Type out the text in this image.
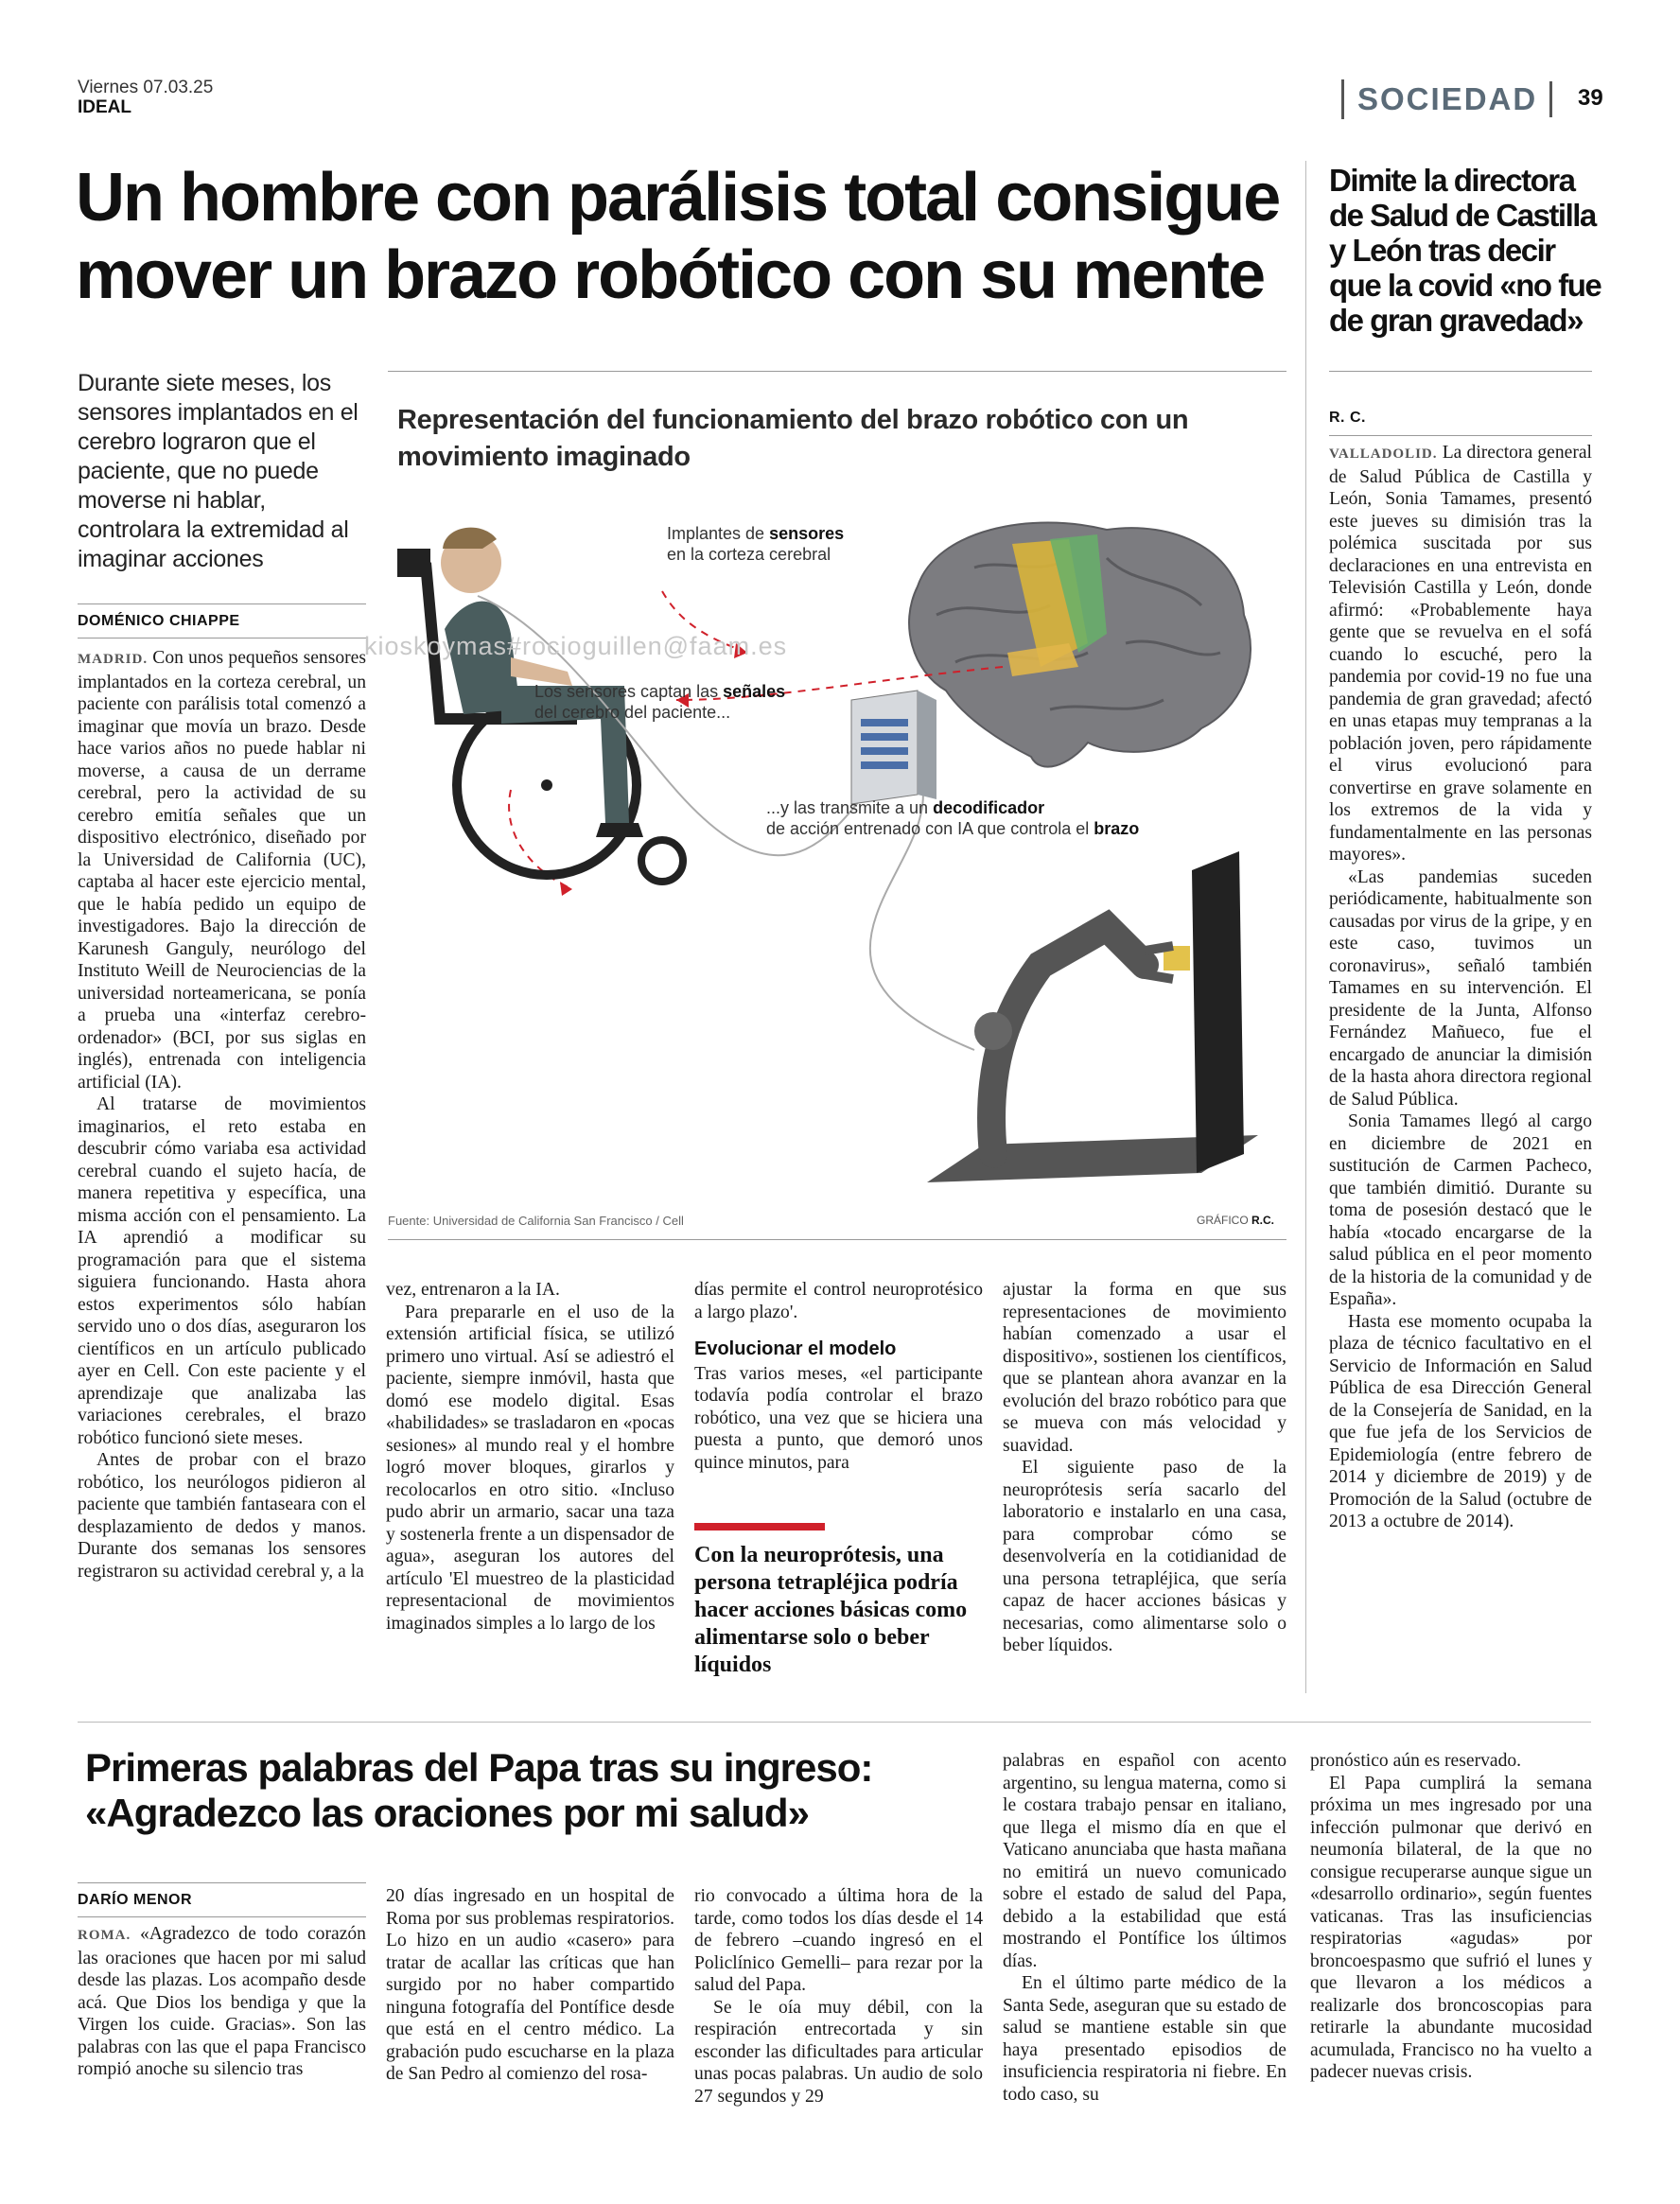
Viernes 07.03.25
IDEAL	SOCIEDAD 39
Un hombre con parálisis total consigue mover un brazo robótico con su mente
Durante siete meses, los sensores implantados en el cerebro lograron que el paciente, que no puede moverse ni hablar, controlara la extremidad al imaginar acciones
DOMÉNICO CHIAPPE

MADRID. Con unos pequeños sensores implantados en la corteza cerebral, un paciente con parálisis total comenzó a imaginar que movía un brazo. Desde hace varios años no puede hablar ni moverse, a causa de un derrame cerebral, pero la actividad de su cerebro emitía señales que un dispositivo electrónico, diseñado por la Universidad de California (UC), captaba al hacer este ejercicio mental, que le había pedido un equipo de investigadores. Bajo la dirección de Karunesh Ganguly, neurólogo del Instituto Weill de Neurociencias de la universidad norteamericana, se ponía a prueba una «interfaz cerebro-ordenador» (BCI, por sus siglas en inglés), entrenada con inteligencia artificial (IA).

Al tratarse de movimientos imaginarios, el reto estaba en descubrir cómo variaba esa actividad cerebral cuando el sujeto hacía, de manera repetitiva y específica, una misma acción con el pensamiento. La IA aprendió a modificar su programación para que el sistema siguiera funcionando. Hasta ahora estos experimentos sólo habían servido uno o dos días, aseguraron los científicos en un artículo publicado ayer en Cell. Con este paciente y el aprendizaje que analizaba las variaciones cerebrales, el brazo robótico funcionó siete meses.

Antes de probar con el brazo robótico, los neurólogos pidieron al paciente que también fantaseara con el desplazamiento de dedos y manos. Durante dos semanas los sensores registraron su actividad cerebral y, a la

Representación del funcionamiento del brazo robótico con un movimiento imaginado
kioskoymas#rocioguillen@faam.es
Implantes de sensores
en la corteza cerebral
Los sensores captan las señales
del cerebro del paciente...
...y las transmite a un decodificador
de acción entrenado con IA que controla el brazo
Fuente: Universidad de California San Francisco / Cell	GRÁFICO R.C.

vez, entrenaron a la IA.

Para prepararle en el uso de la extensión artificial física, se utilizó primero uno virtual. Así se adiestró el paciente, siempre inmóvil, hasta que domó ese modelo digital. Esas «habilidades» se trasladaron en «pocas sesiones» al mundo real y el hombre logró mover bloques, girarlos y recolocarlos en otro sitio. «Incluso pudo abrir un armario, sacar una taza y sostenerla frente a un dispensador de agua», aseguran los autores del artículo 'El muestreo de la plasticidad representacional de movimientos imaginados simples a lo largo de los

días permite el control neuroprotésico a largo plazo'.

Evolucionar el modelo

Tras varios meses, «el participante todavía podía controlar el brazo robótico, una vez que se hiciera una puesta a punto, que demoró unos quince minutos, para

Con la neuroprótesis, una persona tetrapléjica podría hacer acciones básicas como alimentarse solo o beber líquidos

ajustar la forma en que sus representaciones de movimiento habían comenzado a usar el dispositivo», sostienen los científicos, que se plantean ahora avanzar en la evolución del brazo robótico para que se mueva con más velocidad y suavidad.

El siguiente paso de la neuroprótesis sería sacarlo del laboratorio e instalarlo en una casa, para comprobar cómo se desenvolvería en la cotidianidad de una persona tetrapléjica, que sería capaz de hacer acciones básicas y necesarias, como alimentarse solo o beber líquidos.

Dimite la directora de Salud de Castilla y León tras decir que la covid «no fue de gran gravedad»
R. C.

VALLADOLID. La directora general de Salud Pública de Castilla y León, Sonia Tamames, presentó este jueves su dimisión tras la polémica suscitada por sus declaraciones en una entrevista en Televisión Castilla y León, donde afirmó: «Probablemente haya gente que se revuelva en el sofá cuando lo escuché, pero la pandemia por covid-19 no fue una pandemia de gran gravedad; afectó en unas etapas muy tempranas a la población joven, pero rápidamente el virus evolucionó para convertirse en grave solamente en los extremos de la vida y fundamentalmente en las personas mayores».

«Las pandemias suceden periódicamente, habitualmente son causadas por virus de la gripe, y en este caso, tuvimos un coronavirus», señaló también Tamames en su intervención. El presidente de la Junta, Alfonso Fernández Mañueco, fue el encargado de anunciar la dimisión de la hasta ahora directora regional de Salud Pública.

Sonia Tamames llegó al cargo en diciembre de 2021 en sustitución de Carmen Pacheco, que también dimitió. Durante su toma de posesión destacó que le había «tocado encargarse de la salud pública en el peor momento de la historia de la comunidad y de España».

Hasta ese momento ocupaba la plaza de técnico facultativo en el Servicio de Información en Salud Pública de esa Dirección General de la Consejería de Sanidad, en la que fue jefa de los Servicios de Epidemiología (entre febrero de 2014 y diciembre de 2019) y de Promoción de la Salud (octubre de 2013 a octubre de 2014).

Primeras palabras del Papa tras su ingreso: «Agradezco las oraciones por mi salud»
DARÍO MENOR

ROMA. «Agradezco de todo corazón las oraciones que hacen por mi salud desde las plazas. Los acompaño desde acá. Que Dios los bendiga y que la Virgen los cuide. Gracias». Son las palabras con las que el papa Francisco rompió anoche su silencio tras

20 días ingresado en un hospital de Roma por sus problemas respiratorios. Lo hizo en un audio «casero» para tratar de acallar las críticas que han surgido por no haber compartido ninguna fotografía del Pontífice desde que está en el centro médico. La grabación pudo escucharse en la plaza de San Pedro al comienzo del rosa-

rio convocado a última hora de la tarde, como todos los días desde el 14 de febrero –cuando ingresó en el Policlínico Gemelli– para rezar por la salud del Papa.

Se le oía muy débil, con la respiración entrecortada y sin esconder las dificultades para articular unas pocas palabras. Un audio de solo 27 segundos y 29

palabras en español con acento argentino, su lengua materna, como si le costara trabajo pensar en italiano, que llega el mismo día en que el Vaticano anunciaba que hasta mañana no emitirá un nuevo comunicado sobre el estado de salud del Papa, debido a la estabilidad que está mostrando el Pontífice los últimos días.

En el último parte médico de la Santa Sede, aseguran que su estado de salud se mantiene estable sin que haya presentado episodios de insuficiencia respiratoria ni fiebre. En todo caso, su

pronóstico aún es reservado.

El Papa cumplirá la semana próxima un mes ingresado por una infección pulmonar que derivó en neumonía bilateral, de la que no consigue recuperarse aunque sigue un «desarrollo ordinario», según fuentes vaticanas. Tras las insuficiencias respiratorias «agudas» por broncoespasmo que sufrió el lunes y que llevaron a los médicos a realizarle dos broncoscopias para retirarle la abundante mucosidad acumulada, Francisco no ha vuelto a padecer nuevas crisis.
